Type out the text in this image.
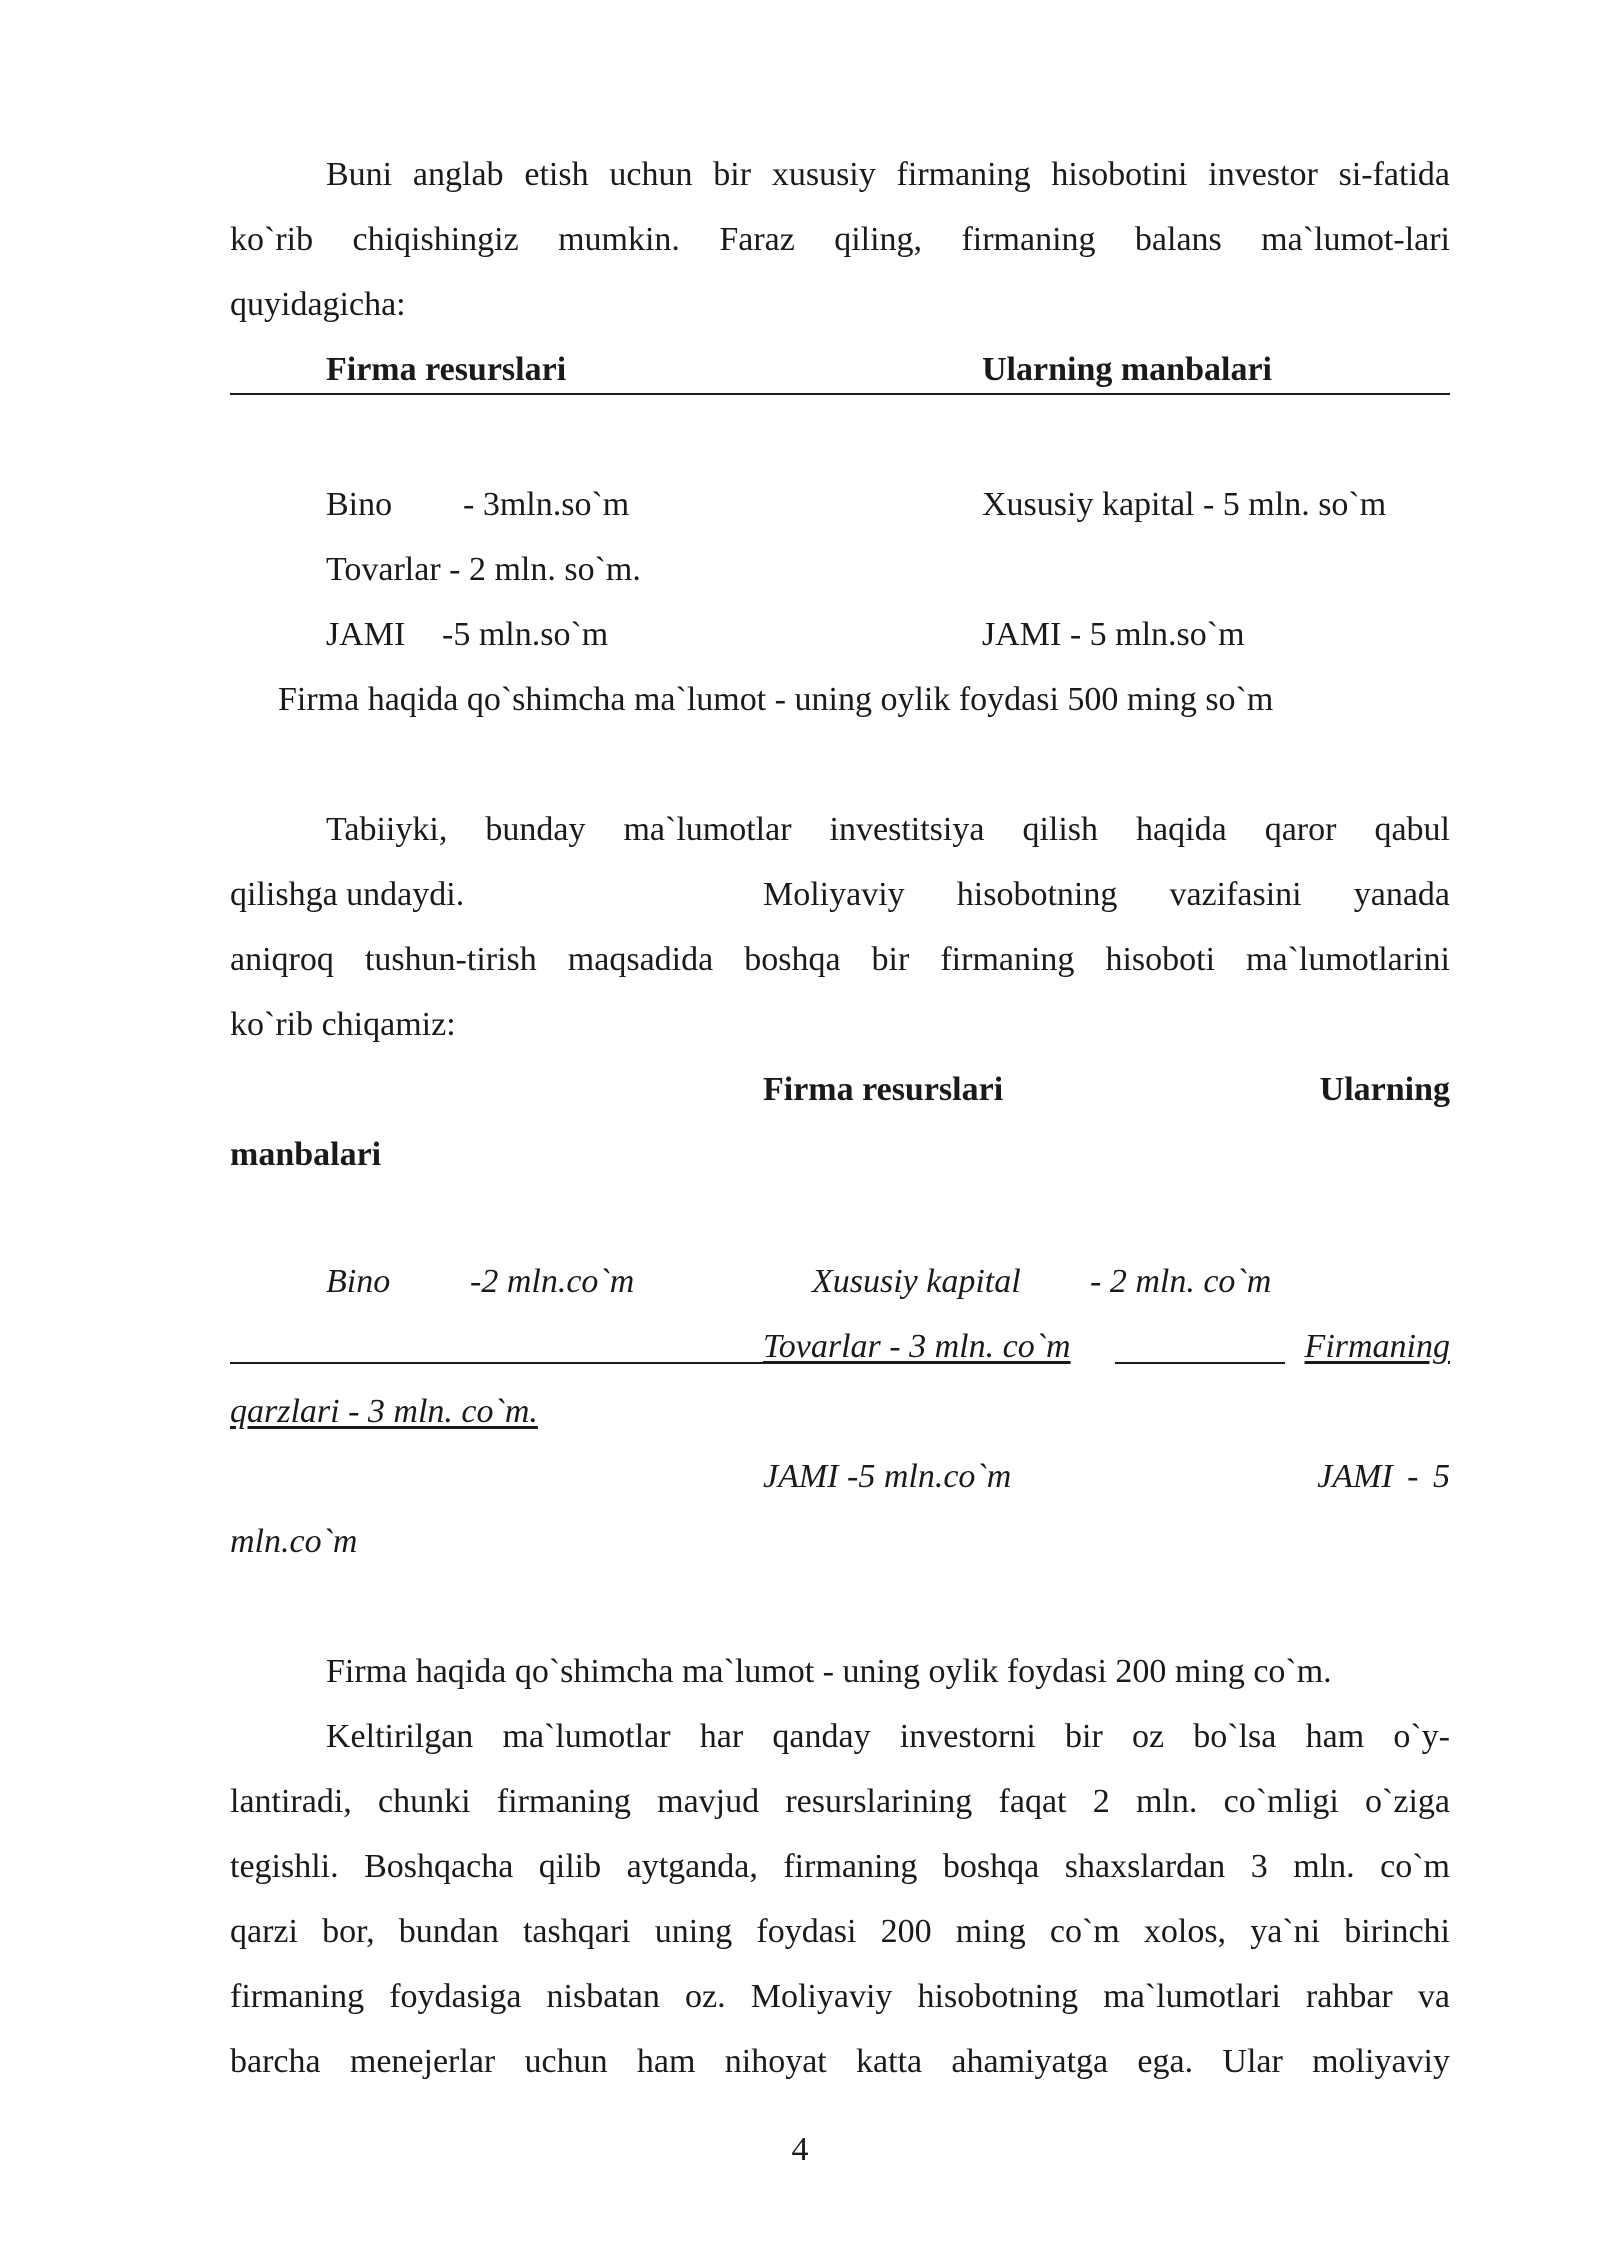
Buni anglab etish uchun bir xususiy firmaning hisobotini investor si-fatida
ko`rib chiqishingiz mumkin. Faraz qiling, firmaning balans ma`lumot-lari
quyidagicha:
Firma resurslari	Ularning manbalari
Bino - 3mln.so`m	Xususiy kapital - 5 mln. so`m
Tovarlar - 2 mln. so`m.
JAMI -5 mln.so`m	JAMI - 5 mln.so`m
Firma haqida qo`shimcha ma`lumot - uning oylik foydasi 500 ming so`m
Tabiiyki, bunday ma`lumotlar investitsiya qilish haqida qaror qabul
qilishga undaydi.	Moliyaviy hisobotning vazifasini yanada
aniqroq tushun-tirish maqsadida boshqa bir firmaning hisoboti ma`lumotlarini
ko`rib chiqamiz:
Firma resurslari	Ularning
manbalari
Bino -2 mln.co`m	Xususiy kapital - 2 mln. co`m
Tovarlar - 3 mln. co`m	Firmaning
qarzlari - 3 mln. co`m.
JAMI -5 mln.co`m	JAMI - 5
mln.co`m
Firma haqida qo`shimcha ma`lumot - uning oylik foydasi 200 ming co`m.
Keltirilgan ma`lumotlar har qanday investorni bir oz bo`lsa ham o`y-
lantiradi, chunki firmaning mavjud resurslarining faqat 2 mln. co`mligi o`ziga
tegishli. Boshqacha qilib aytganda, firmaning boshqa shaxslardan 3 mln. co`m
qarzi bor, bundan tashqari uning foydasi 200 ming co`m xolos, ya`ni birinchi
firmaning foydasiga nisbatan oz. Moliyaviy hisobotning ma`lumotlari rahbar va
barcha menejerlar uchun ham nihoyat katta ahamiyatga ega. Ular moliyaviy
4
